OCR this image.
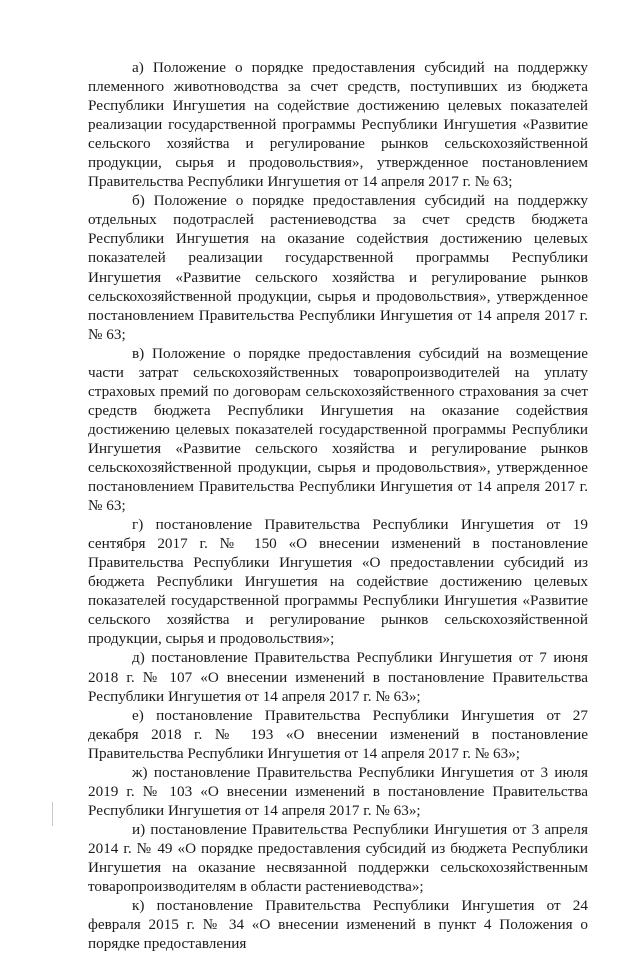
а) Положение о порядке предоставления субсидий на поддержку племенного животноводства за счет средств, поступивших из бюджета Республики Ингушетия на содействие достижению целевых показателей реализации государственной программы Республики Ингушетия «Развитие сельского хозяйства и регулирование рынков сельскохозяйственной продукции, сырья и продовольствия», утвержденное постановлением Правительства Республики Ингушетия от 14 апреля 2017 г. № 63;

б) Положение о порядке предоставления субсидий на поддержку отдельных подотраслей растениеводства за счет средств бюджета Республики Ингушетия на оказание содействия достижению целевых показателей реализации государственной программы Республики Ингушетия «Развитие сельского хозяйства и регулирование рынков сельскохозяйственной продукции, сырья и продовольствия», утвержденное постановлением Правительства Республики Ингушетия от 14 апреля 2017 г. № 63;

в) Положение о порядке предоставления субсидий на возмещение части затрат сельскохозяйственных товаропроизводителей на уплату страховых премий по договорам сельскохозяйственного страхования за счет средств бюджета Республики Ингушетия на оказание содействия достижению целевых показателей государственной программы Республики Ингушетия «Развитие сельского хозяйства и регулирование рынков сельскохозяйственной продукции, сырья и продовольствия», утвержденное постановлением Правительства Республики Ингушетия от 14 апреля 2017 г. № 63;

г) постановление Правительства Республики Ингушетия от 19 сентября 2017 г. № 150 «О внесении изменений в постановление Правительства Республики Ингушетия «О предоставлении субсидий из бюджета Республики Ингушетия на содействие достижению целевых показателей государственной программы Республики Ингушетия «Развитие сельского хозяйства и регулирование рынков сельскохозяйственной продукции, сырья и продовольствия»;

д) постановление Правительства Республики Ингушетия от 7 июня 2018 г. № 107 «О внесении изменений в постановление Правительства Республики Ингушетия от 14 апреля 2017 г. № 63»;

е) постановление Правительства Республики Ингушетия от 27 декабря 2018 г. № 193 «О внесении изменений в постановление Правительства Республики Ингушетия от 14 апреля 2017 г. № 63»;

ж) постановление Правительства Республики Ингушетия от 3 июля 2019 г. № 103 «О внесении изменений в постановление Правительства Республики Ингушетия от 14 апреля 2017 г. № 63»;

и) постановление Правительства Республики Ингушетия от 3 апреля 2014 г. № 49 «О порядке предоставления субсидий из бюджета Республики Ингушетия на оказание несвязанной поддержки сельскохозяйственным товаропроизводителям в области растениеводства»;

к) постановление Правительства Республики Ингушетия от 24 февраля 2015 г. № 34 «О внесении изменений в пункт 4 Положения о порядке предоставления
